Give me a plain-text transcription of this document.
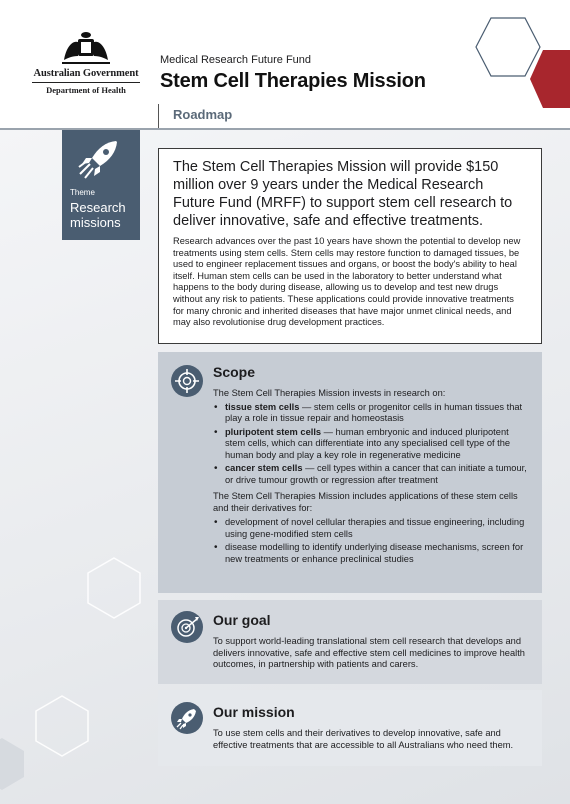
Australian Government
Department of Health
Medical Research Future Fund
Stem Cell Therapies Mission
Roadmap
Theme
Research
missions

The Stem Cell Therapies Mission will provide $150 million over 9 years under the Medical Research Future Fund (MRFF) to support stem cell research to deliver innovative, safe and effective treatments.

Research advances over the past 10 years have shown the potential to develop new treatments using stem cells. Stem cells may restore function to damaged tissues, be used to engineer replacement tissues and organs, or boost the body's ability to heal itself. Human stem cells can be used in the laboratory to better understand what happens to the body during disease, allowing us to develop and test new drugs without any risk to patients. These applications could provide innovative treatments for many chronic and inherited diseases that have major unmet clinical needs, and may also revolutionise drug development practices.

Scope

The Stem Cell Therapies Mission invests in research on:

• tissue stem cells — stem cells or progenitor cells in human tissues that play a role in tissue repair and homeostasis
• pluripotent stem cells — human embryonic and induced pluripotent stem cells, which can differentiate into any specialised cell type of the human body and play a key role in regenerative medicine
• cancer stem cells — cell types within a cancer that can initiate a tumour, or drive tumour growth or regression after treatment

The Stem Cell Therapies Mission includes applications of these stem cells and their derivatives for:

• development of novel cellular therapies and tissue engineering, including using gene-modified stem cells
• disease modelling to identify underlying disease mechanisms, screen for new treatments or enhance preclinical studies
Our goal
To support world-leading translational stem cell research that develops and delivers innovative, safe and effective stem cell medicines to improve health outcomes, in partnership with patients and carers.
Our mission
To use stem cells and their derivatives to develop innovative, safe and effective treatments that are accessible to all Australians who need them.
